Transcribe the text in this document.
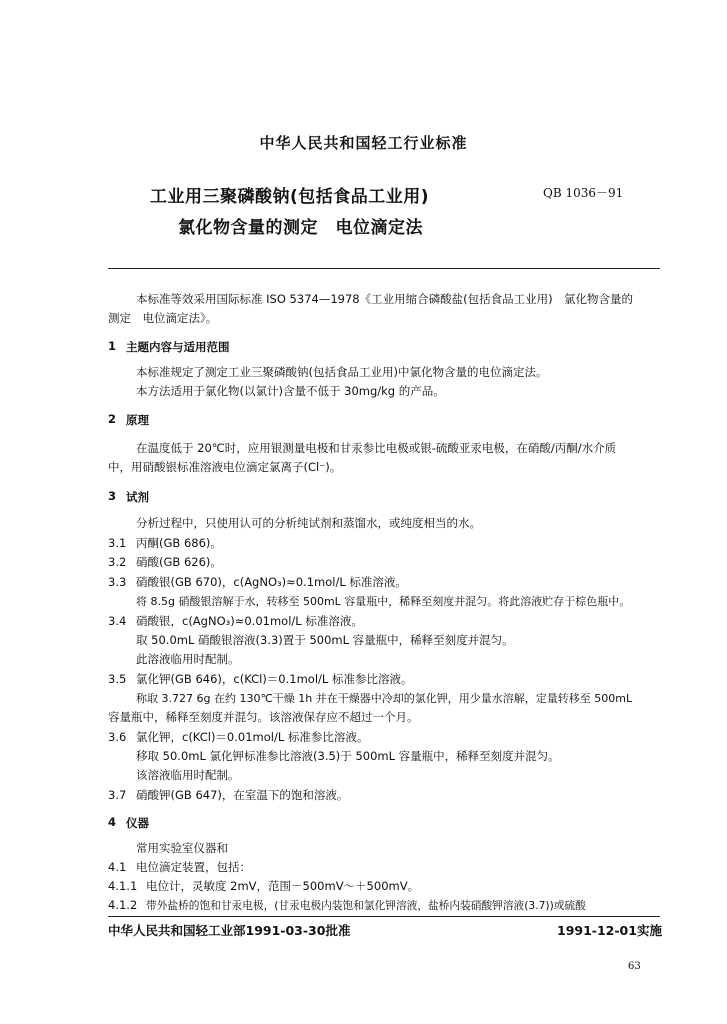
中华人民共和国轻工行业标准
工业用三聚磷酸钠(包括食品工业用)
氯化物含量的测定　电位滴定法
QB 1036－91
本标准等效采用国际标准 ISO 5374—1978《工业用缩合磷酸盐(包括食品工业用)　氯化物含量的
测定　电位滴定法》。
1 主题内容与适用范围
本标准规定了测定工业三聚磷酸钠(包括食品工业用)中氯化物含量的电位滴定法。
本方法适用于氯化物(以氯计)含量不低于 30mg/kg 的产品。
2 原理
在温度低于 20℃时，应用银测量电极和甘汞参比电极或银-硫酸亚汞电极，在硝酸/丙酮/水介质
中，用硝酸银标准溶液电位滴定氯离子(Cl⁻)。
3 试剂
分析过程中，只使用认可的分析纯试剂和蒸馏水，或纯度相当的水。
3.1 丙酮(GB 686)。
3.2 硝酸(GB 626)。
3.3 硝酸银(GB 670)，c(AgNO₃)≈0.1mol/L 标准溶液。
将 8.5g 硝酸银溶解于水，转移至 500mL 容量瓶中，稀释至刻度并混匀。将此溶液贮存于棕色瓶中。
3.4 硝酸银，c(AgNO₃)≈0.01mol/L 标准溶液。
取 50.0mL 硝酸银溶液(3.3)置于 500mL 容量瓶中，稀释至刻度并混匀。
此溶液临用时配制。
3.5 氯化钾(GB 646)，c(KCl)＝0.1mol/L 标准参比溶液。
称取 3.727 6g 在约 130℃干燥 1h 并在干燥器中冷却的氯化钾，用少量水溶解，定量转移至 500mL
容量瓶中，稀释至刻度并混匀。该溶液保存应不超过一个月。
3.6 氯化钾，c(KCl)＝0.01mol/L 标准参比溶液。
移取 50.0mL 氯化钾标准参比溶液(3.5)于 500mL 容量瓶中，稀释至刻度并混匀。
该溶液临用时配制。
3.7 硝酸钾(GB 647)，在室温下的饱和溶液。
4 仪器
常用实验室仪器和
4.1 电位滴定装置，包括：
4.1.1 电位计，灵敏度 2mV，范围－500mV～＋500mV。
4.1.2 带外盐桥的饱和甘汞电极，(甘汞电极内装饱和氯化钾溶液，盐桥内装硝酸钾溶液(3.7))或硫酸
中华人民共和国轻工业部1991-03-30批准	1991-12-01实施
63
